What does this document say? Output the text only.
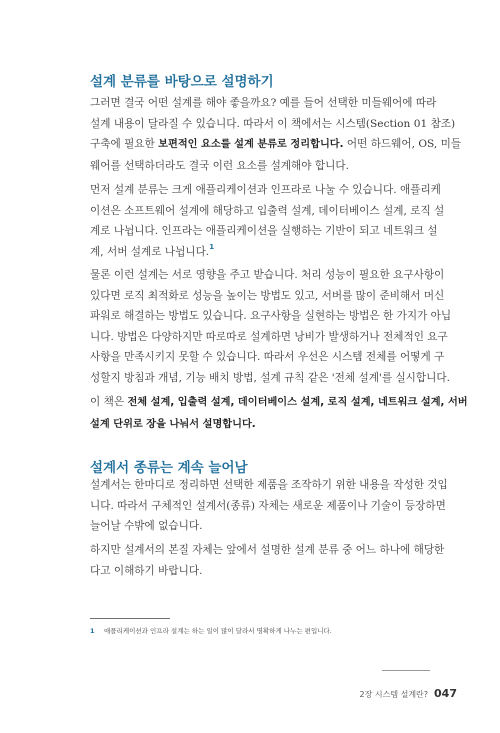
설계 분류를 바탕으로 설명하기

그러면 결국 어떤 설계를 해야 좋을까요? 예를 들어 선택한 미들웨어에 따라
설계 내용이 달라질 수 있습니다. 따라서 이 책에서는 시스템(Section 01 참조)
구축에 필요한 보편적인 요소를 설계 분류로 정리합니다. 어떤 하드웨어, OS, 미들
웨어를 선택하더라도 결국 이런 요소를 설계해야 합니다.

먼저 설계 분류는 크게 애플리케이션과 인프라로 나눌 수 있습니다. 애플리케
이션은 소프트웨어 설계에 해당하고 입출력 설계, 데이터베이스 설계, 로직 설
계로 나뉩니다. 인프라는 애플리케이션을 실행하는 기반이 되고 네트워크 설
계, 서버 설계로 나뉩니다.$^1$

물론 이런 설계는 서로 영향을 주고 받습니다. 처리 성능이 필요한 요구사항이
있다면 로직 최적화로 성능을 높이는 방법도 있고, 서버를 많이 준비해서 머신
파워로 해결하는 방법도 있습니다. 요구사항을 실현하는 방법은 한 가지가 아닙
니다. 방법은 다양하지만 따로따로 설계하면 낭비가 발생하거나 전체적인 요구
사항을 만족시키지 못할 수 있습니다. 따라서 우선은 시스템 전체를 어떻게 구
성할지 방침과 개념, 기능 배치 방법, 설계 규칙 같은 '전체 설계'를 실시합니다.

이 책은 전체 설계, 입출력 설계, 데이터베이스 설계, 로직 설계, 네트워크 설계, 서버
설계 단위로 장을 나눠서 설명합니다.

설계서 종류는 계속 늘어남

설계서는 한마디로 정리하면 선택한 제품을 조작하기 위한 내용을 작성한 것입
니다. 따라서 구체적인 설계서(종류) 자체는 새로운 제품이나 기술이 등장하면
늘어날 수밖에 없습니다.

하지만 설계서의 본질 자체는 앞에서 설명한 설계 분류 중 어느 하나에 해당한
다고 이해하기 바랍니다.

1 애플리케이션과 인프라 설계는 하는 일이 많이 달라서 명확하게 나누는 편입니다.
2장 시스템 설계란? 047
